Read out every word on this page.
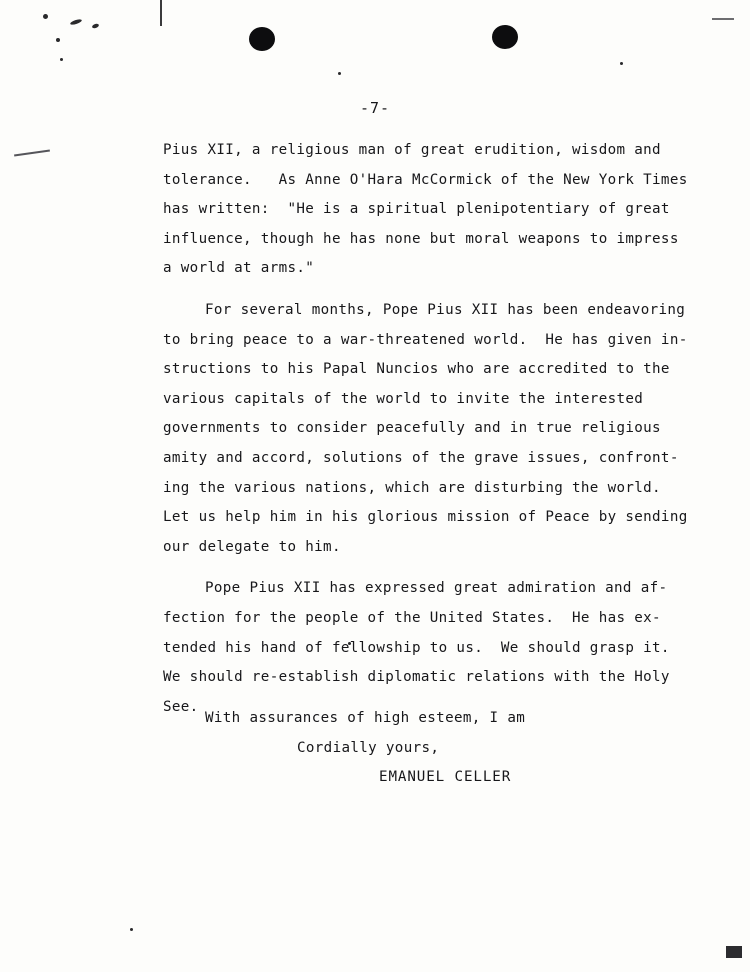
-7-
Pius XII, a religious man of great erudition, wisdom and
tolerance.   As Anne O'Hara McCormick of the New York Times
has written:  "He is a spiritual plenipotentiary of great
influence, though he has none but moral weapons to impress
a world at arms."
For several months, Pope Pius XII has been endeavoring
to bring peace to a war-threatened world.  He has given in-
structions to his Papal Nuncios who are accredited to the
various capitals of the world to invite the interested
governments to consider peacefully and in true religious
amity and accord, solutions of the grave issues, confront-
ing the various nations, which are disturbing the world.
Let us help him in his glorious mission of Peace by sending
our delegate to him.
Pope Pius XII has expressed great admiration and af-
fection for the people of the United States.  He has ex-
tended his hand of fellowship to us.  We should grasp it.
We should re-establish diplomatic relations with the Holy
See.
With assurances of high esteem, I am
Cordially yours,
EMANUEL CELLER
